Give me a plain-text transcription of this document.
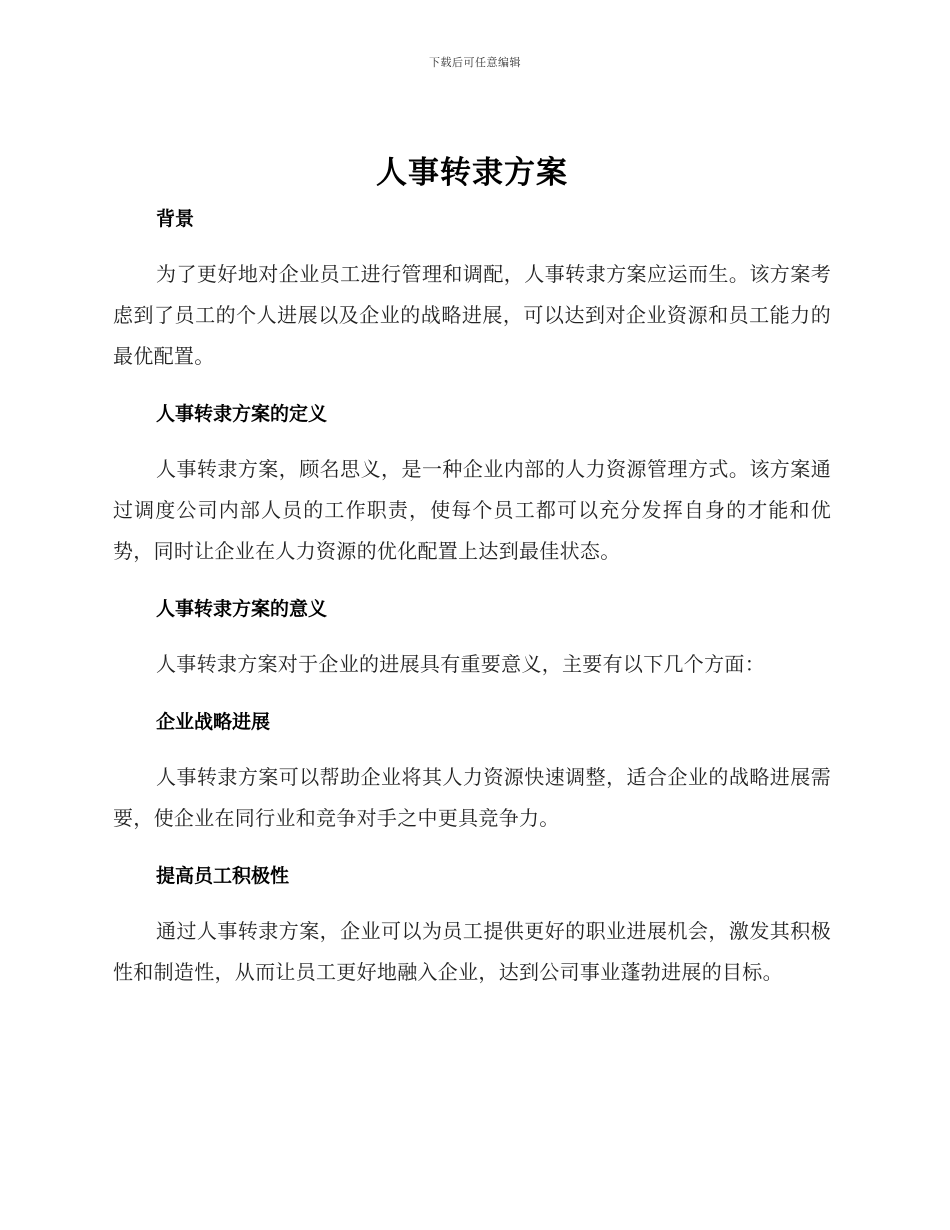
下载后可任意编辑
人事转隶方案
背景

为了更好地对企业员工进行管理和调配，人事转隶方案应运而生。该方案考虑到了员工的个人进展以及企业的战略进展，可以达到对企业资源和员工能力的最优配置。

人事转隶方案的定义

人事转隶方案，顾名思义，是一种企业内部的人力资源管理方式。该方案通过调度公司内部人员的工作职责，使每个员工都可以充分发挥自身的才能和优势，同时让企业在人力资源的优化配置上达到最佳状态。

人事转隶方案的意义

人事转隶方案对于企业的进展具有重要意义，主要有以下几个方面：

企业战略进展

人事转隶方案可以帮助企业将其人力资源快速调整，适合企业的战略进展需要，使企业在同行业和竞争对手之中更具竞争力。

提高员工积极性

通过人事转隶方案，企业可以为员工提供更好的职业进展机会，激发其积极性和制造性，从而让员工更好地融入企业，达到公司事业蓬勃进展的目标。
